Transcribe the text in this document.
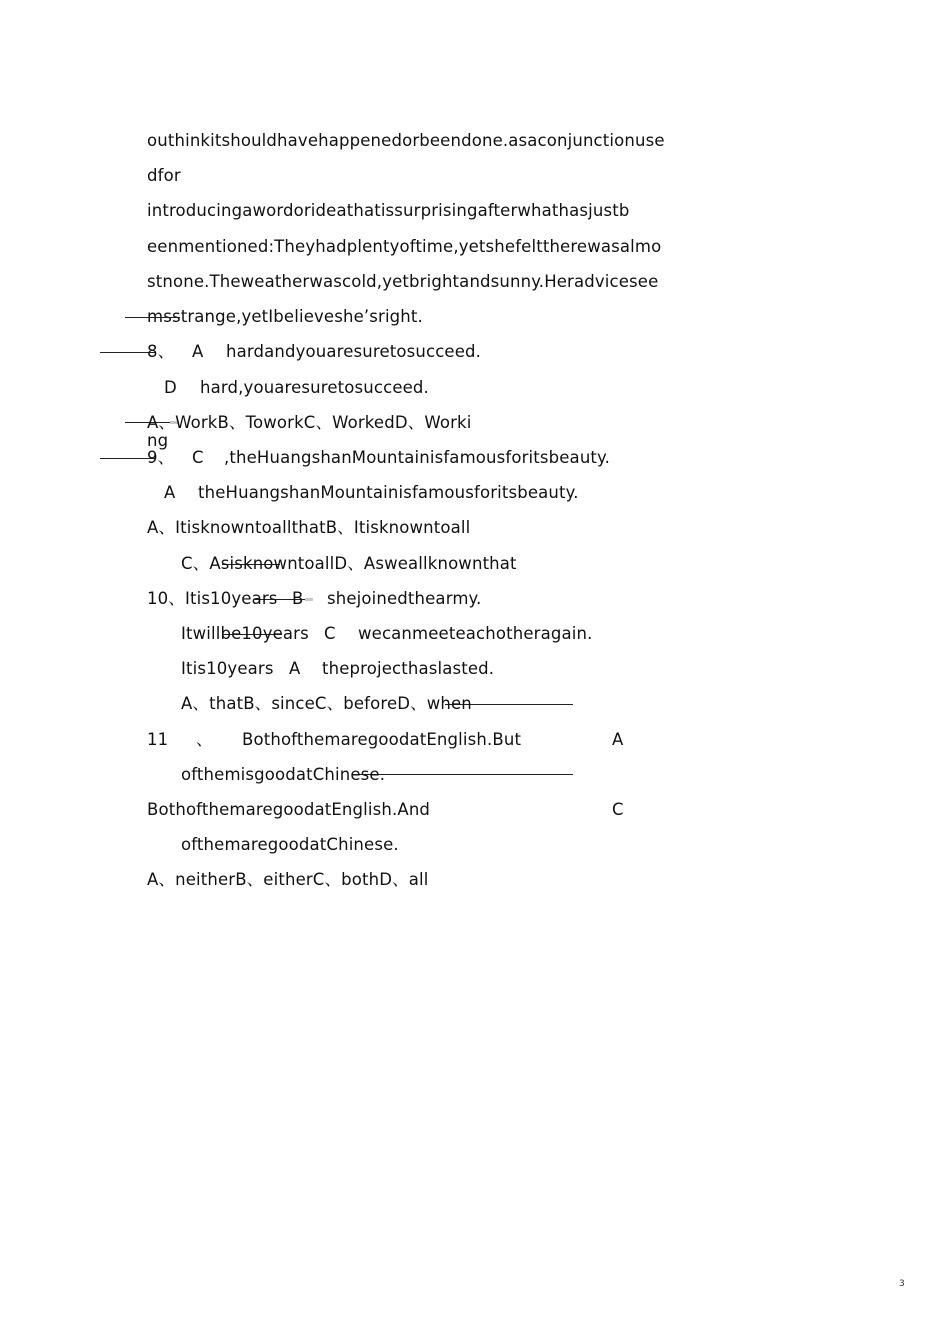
outhinkitshouldhavehappenedorbeendone.asaconjunctionuse
dfor
introducingawordorideathatissurprisingafterwhathasjustb
eenmentioned:Theyhadplentyoftime,yetshefelttherewasalmo
stnone.Theweatherwascold,yetbrightandsunny.Heradvicesee
msstrange,yetIbelieveshe’sright.
8、 A hardandyouaresuretosucceed.
D hard,youaresuretosucceed.
A、WorkB、ToworkC、WorkedD、Worki
ng
9、 C ,theHuangshanMountainisfamousforitsbeauty.
A theHuangshanMountainisfamousforitsbeauty.
A、ItisknowntoallthatB、Itisknowntoall
C、AsisknowntoallD、Asweallknownthat
10、Itis10years B shejoinedthearmy.
Itwillbe10years C wecanmeeteachotheragain.
Itis10years A theprojecthaslasted.
A、thatB、sinceC、beforeD、when
11 、 BothofthemaregoodatEnglish.But	A
ofthemisgoodatChinese.
BothofthemaregoodatEnglish.And	C
ofthemaregoodatChinese.
A、neitherB、eitherC、bothD、all
3
